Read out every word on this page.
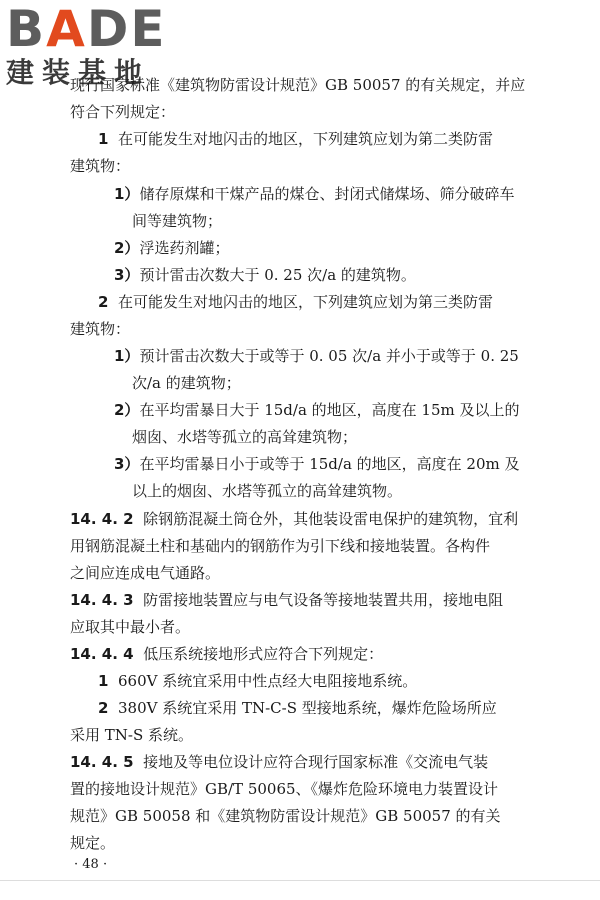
BADE
建装基地
现行国家标准《建筑物防雷设计规范》GB 50057 的有关规定，并应
符合下列规定：
1 在可能发生对地闪击的地区，下列建筑应划为第二类防雷
建筑物：
1）储存原煤和干煤产品的煤仓、封闭式储煤场、筛分破碎车
间等建筑物；
2）浮选药剂罐；
3）预计雷击次数大于 0. 25 次/a 的建筑物。
2 在可能发生对地闪击的地区，下列建筑应划为第三类防雷
建筑物：
1）预计雷击次数大于或等于 0. 05 次/a 并小于或等于 0. 25
次/a 的建筑物；
2）在平均雷暴日大于 15d/a 的地区，高度在 15m 及以上的
烟囱、水塔等孤立的高耸建筑物；
3）在平均雷暴日小于或等于 15d/a 的地区，高度在 20m 及
以上的烟囱、水塔等孤立的高耸建筑物。
14. 4. 2 除钢筋混凝土筒仓外，其他装设雷电保护的建筑物，宜利
用钢筋混凝土柱和基础内的钢筋作为引下线和接地装置。各构件
之间应连成电气通路。
14. 4. 3 防雷接地装置应与电气设备等接地装置共用，接地电阻
应取其中最小者。
14. 4. 4 低压系统接地形式应符合下列规定：
1 660V 系统宜采用中性点经大电阻接地系统。
2 380V 系统宜采用 TN-C-S 型接地系统，爆炸危险场所应
采用 TN-S 系统。
14. 4. 5 接地及等电位设计应符合现行国家标准《交流电气装
置的接地设计规范》GB/T 50065、《爆炸危险环境电力装置设计
规范》GB 50058 和《建筑物防雷设计规范》GB 50057 的有关
规定。
· 48 ·
